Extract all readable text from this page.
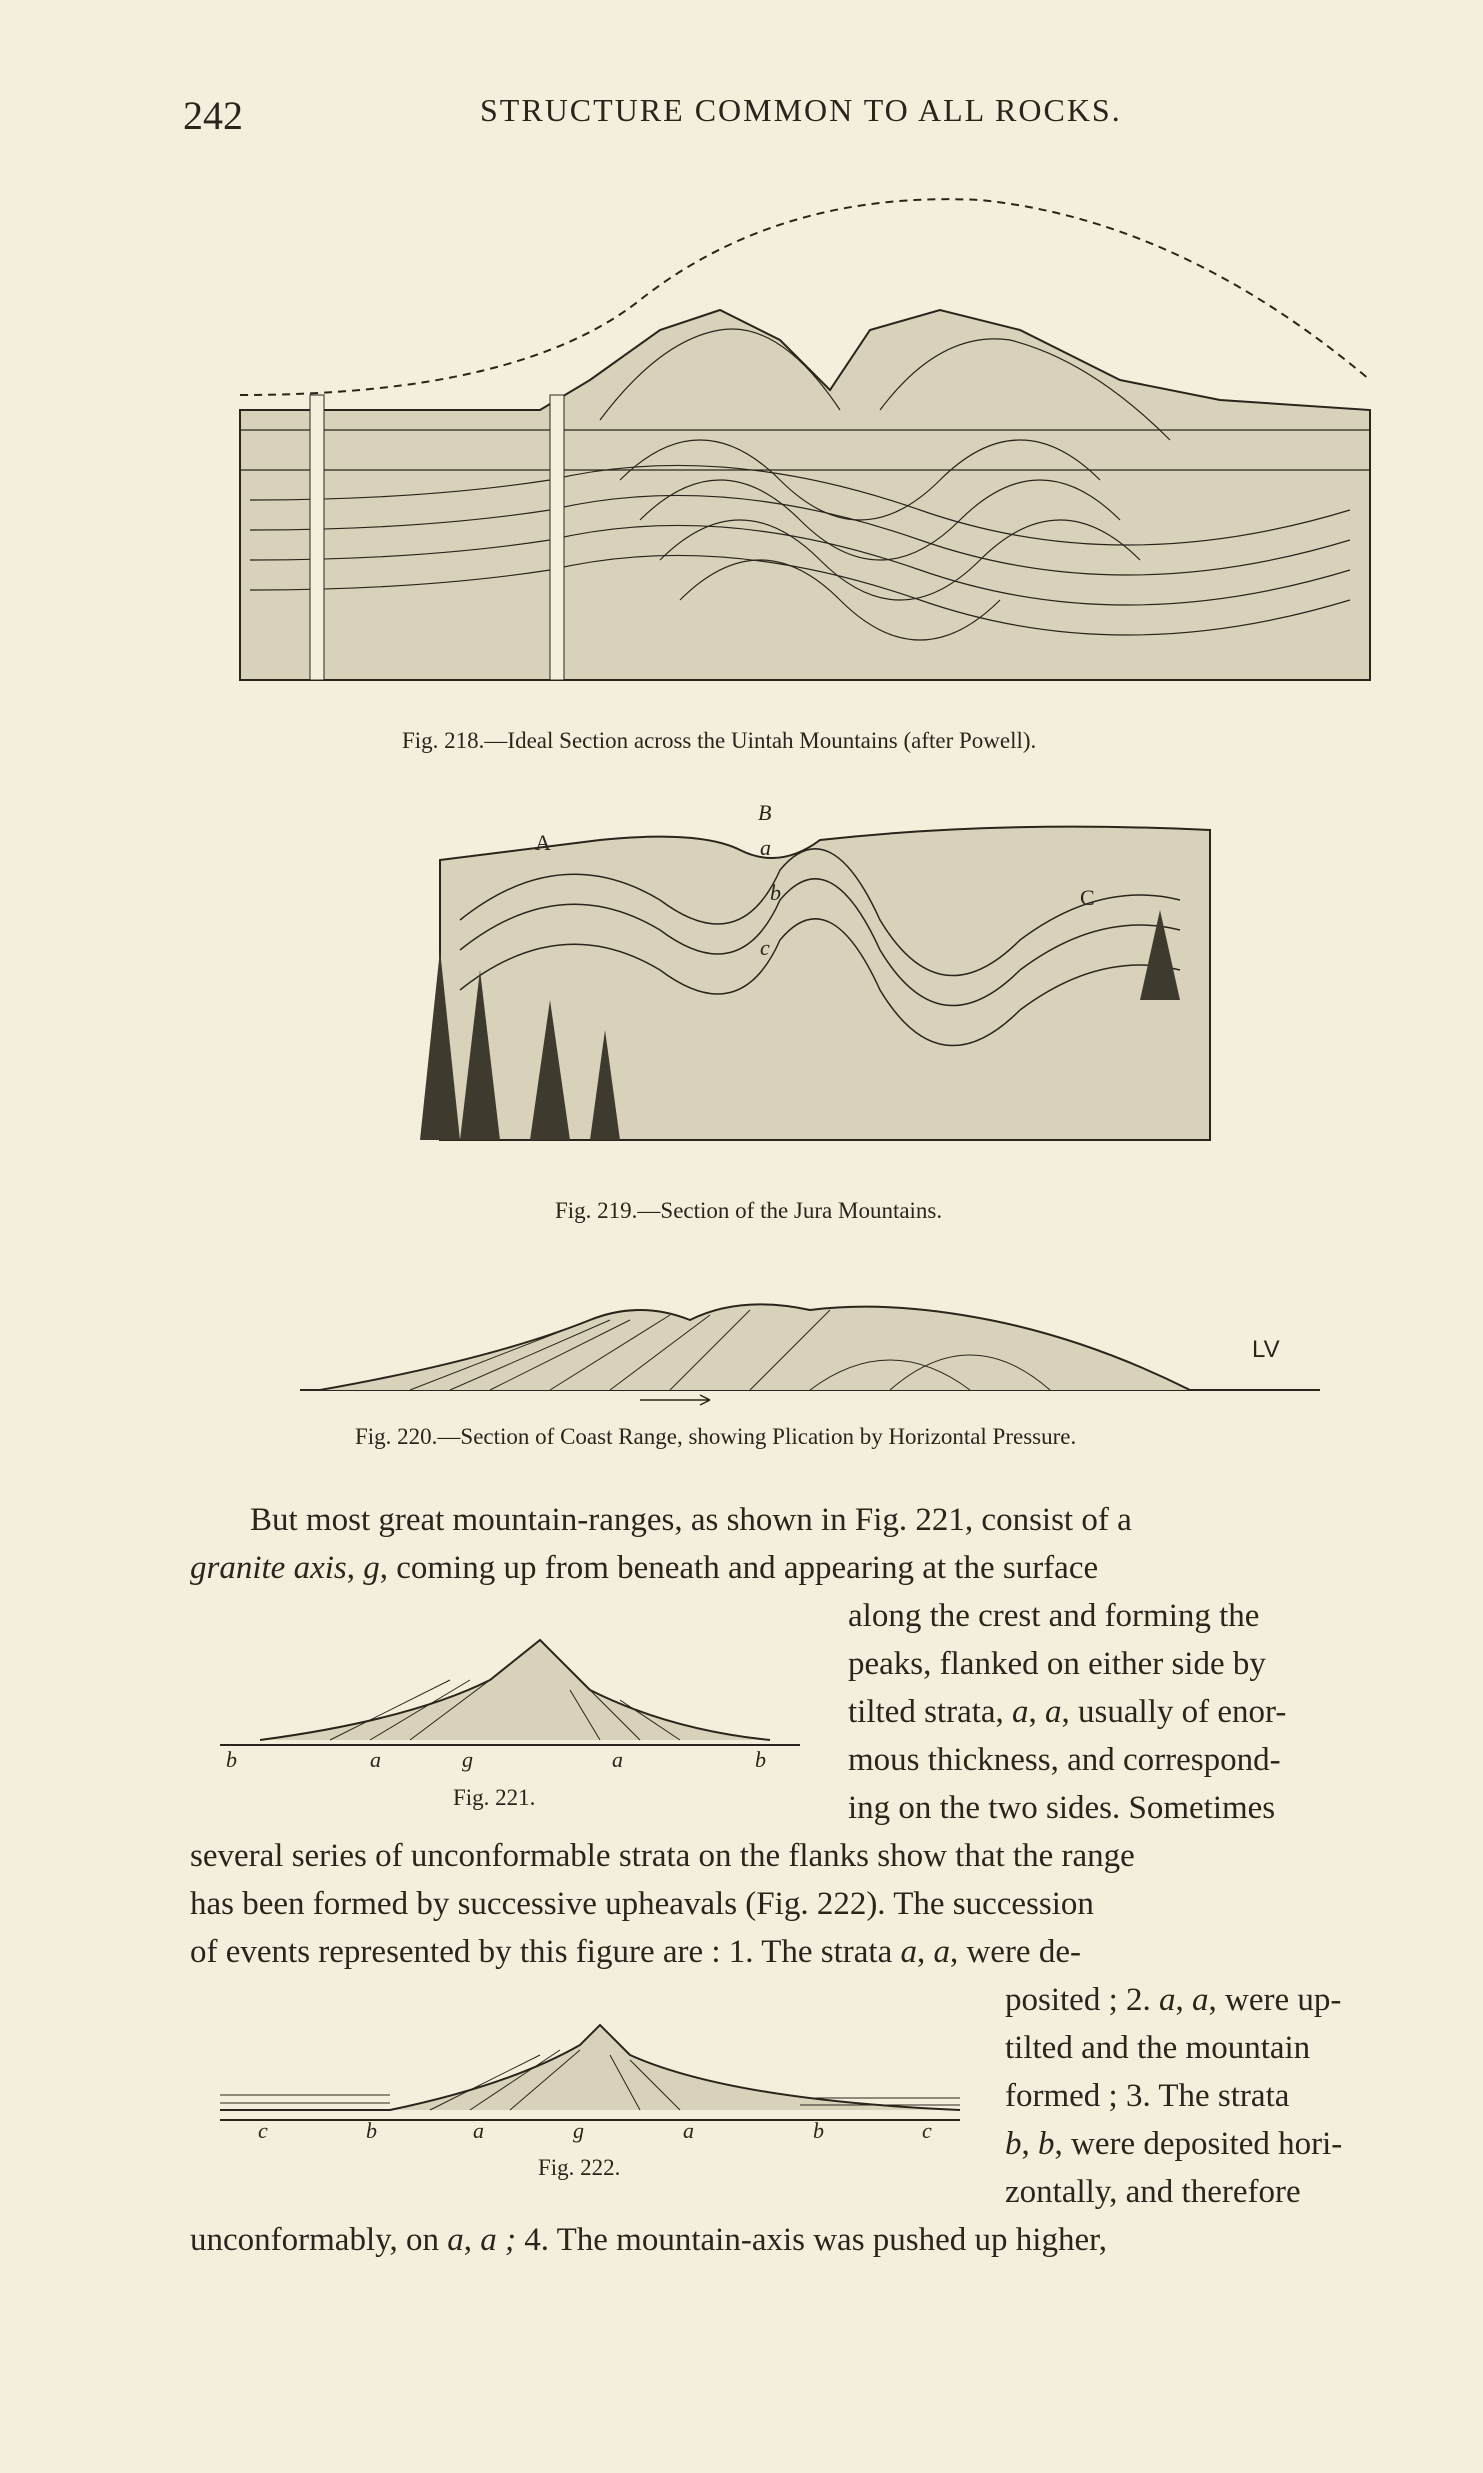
242	STRUCTURE COMMON TO ALL ROCKS.
Fig. 218.—Ideal Section across the Uintah Mountains (after Powell).
A
B
a
b
c
C
Fig. 219.—Section of the Jura Mountains.
LV
Fig. 220.—Section of Coast Range, showing Plication by Horizontal Pressure.
But most great mountain-ranges, as shown in Fig. 221, consist of a
granite axis, g, coming up from beneath and appearing at the surface
b	a	g	a	b
Fig. 221.
along the crest and forming the
peaks, flanked on either side by
tilted strata, a, a, usually of enor-
mous thickness, and correspond-
ing on the two sides. Sometimes
several series of unconformable strata on the flanks show that the range
has been formed by successive upheavals (Fig. 222). The succession
of events represented by this figure are : 1. The strata a, a, were de-
c	b	a	g	a	b	c
Fig. 222.
posited ; 2. a, a, were up-
tilted and the mountain
formed ; 3. The strata
b, b, were deposited hori-
zontally, and therefore
unconformably, on a, a ; 4. The mountain-axis was pushed up higher,
